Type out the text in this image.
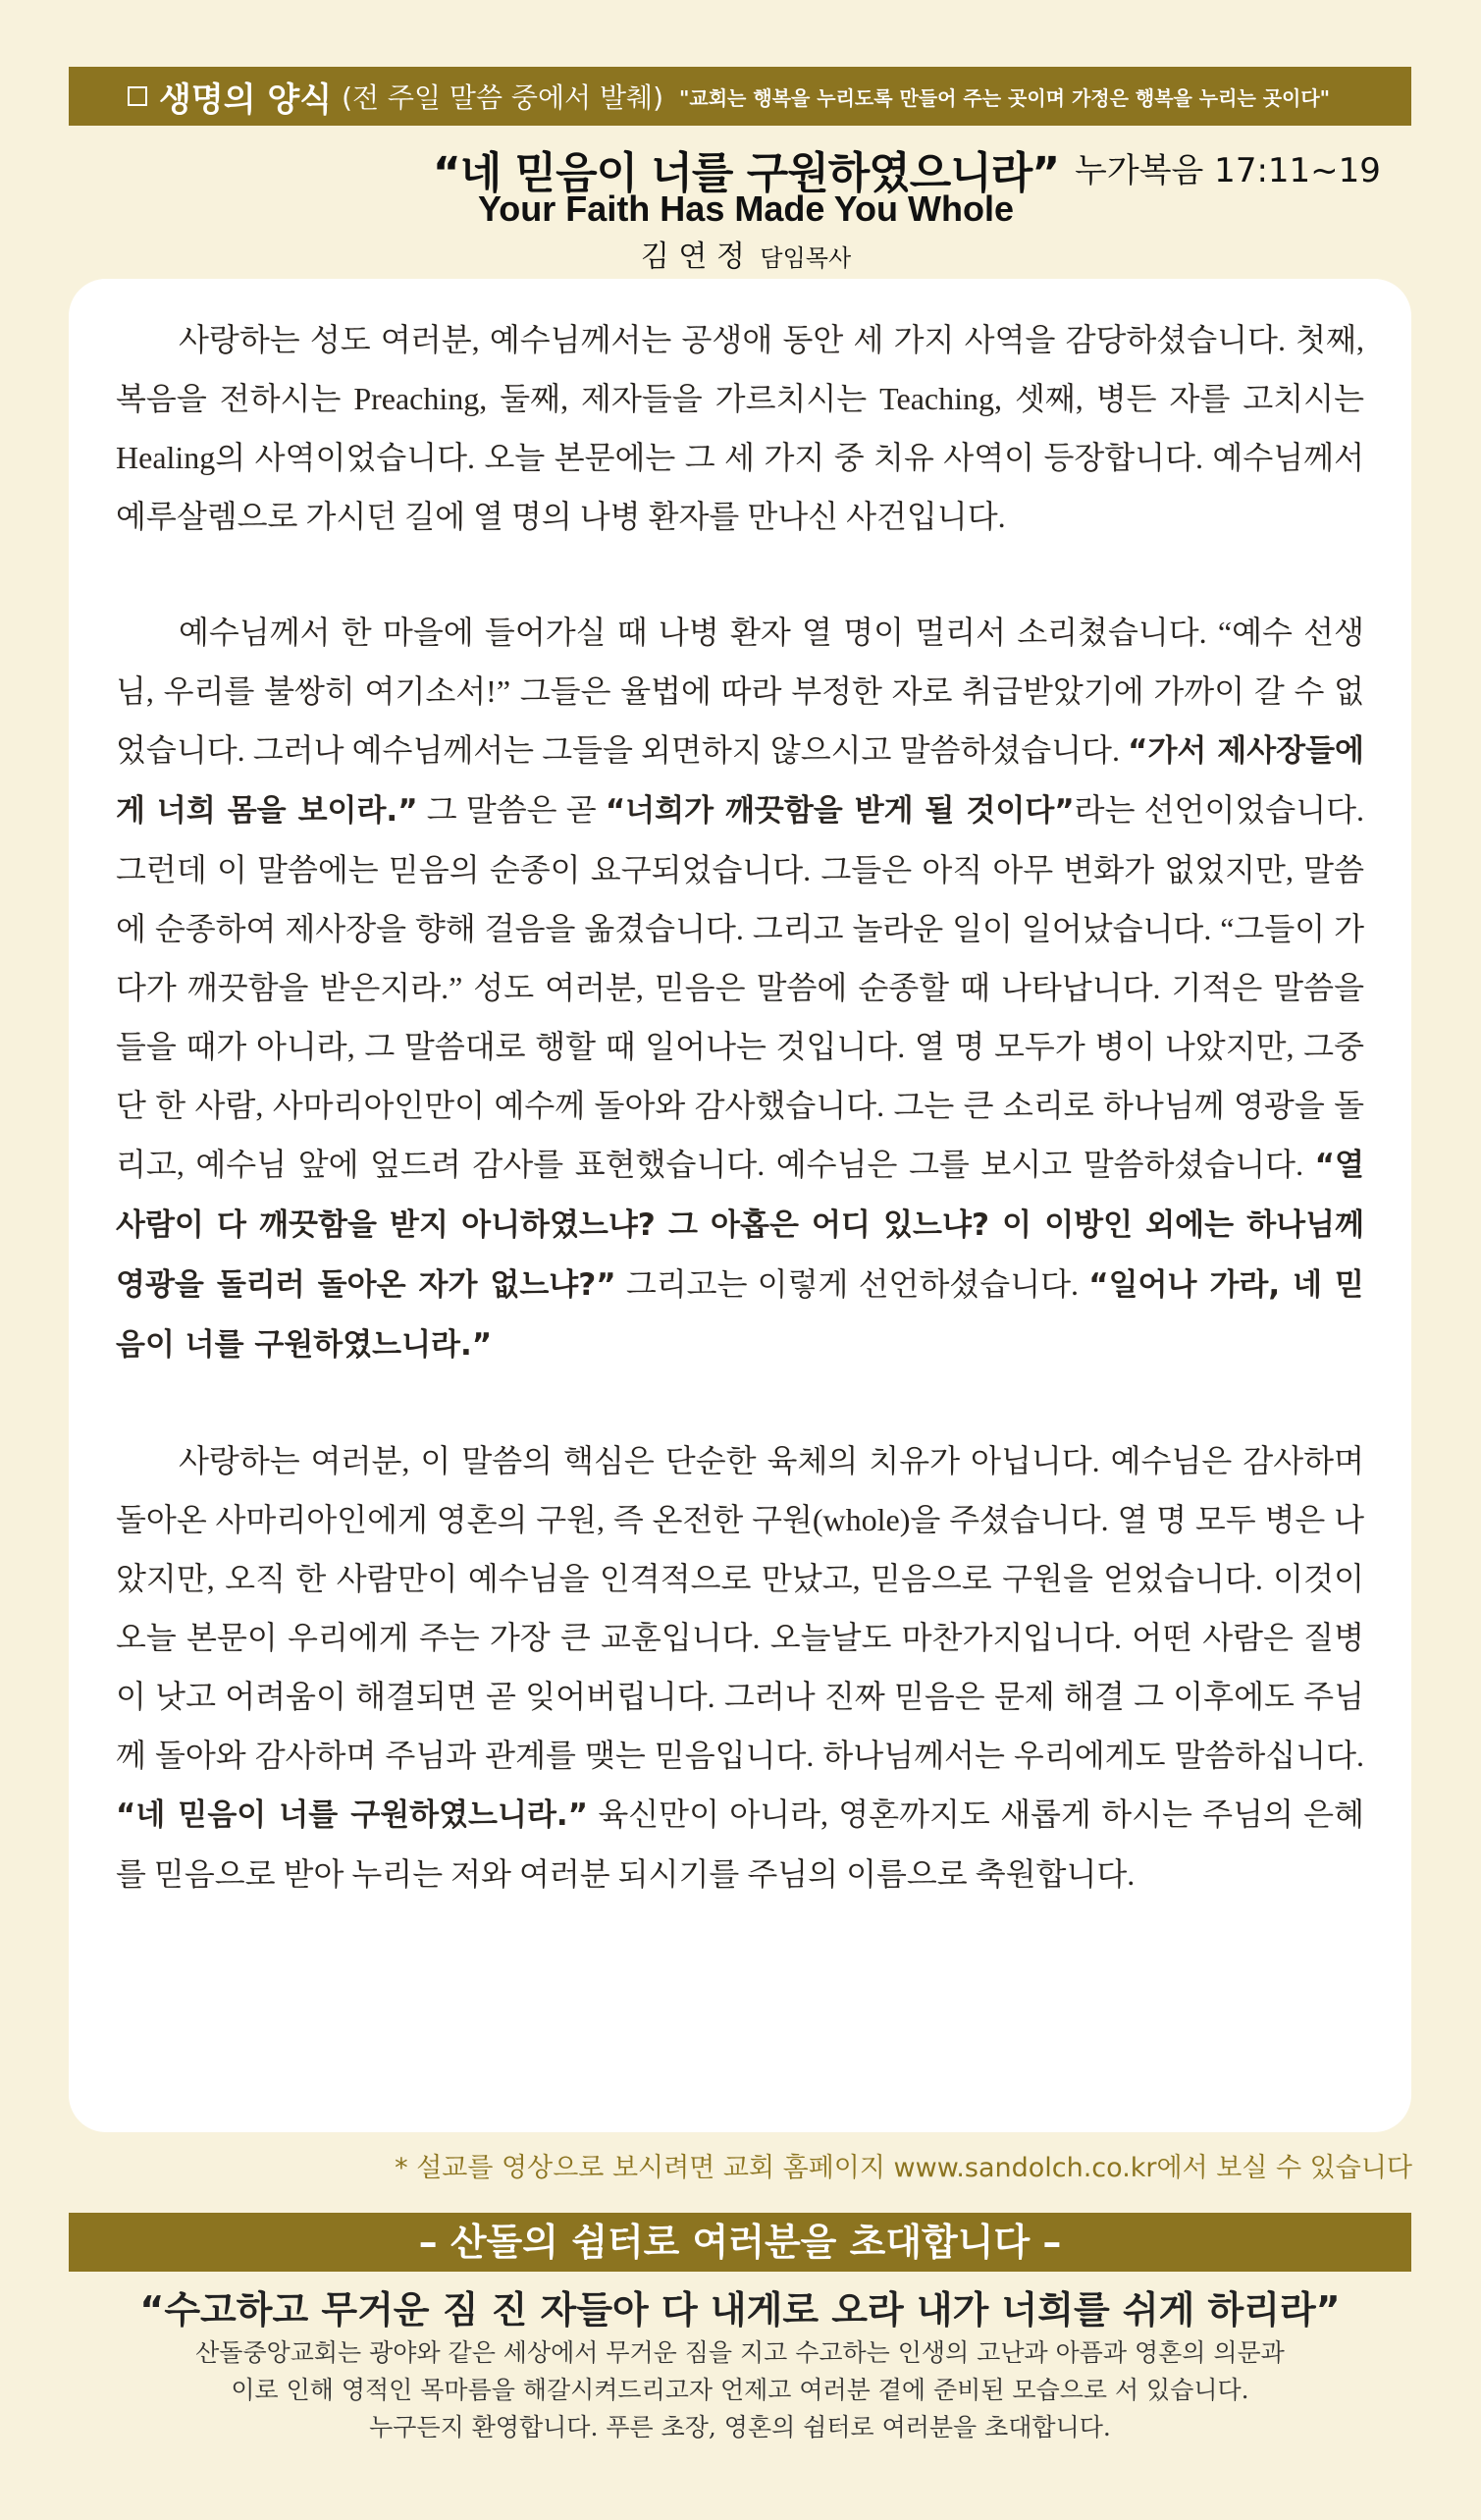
생명의 양식 (전 주일 말씀 중에서 발췌) "교회는 행복을 누리도록 만들어 주는 곳이며 가정은 행복을 누리는 곳이다"
“네 믿음이 너를 구원하였으니라” 누가복음 17:11~19
Your Faith Has Made You Whole
김 연 정 담임목사

사랑하는 성도 여러분, 예수님께서는 공생애 동안 세 가지 사역을 감당하셨습니다. 첫째, 복음을 전하시는 Preaching, 둘째, 제자들을 가르치시는 Teaching, 셋째, 병든 자를 고치시는 Healing의 사역이었습니다. 오늘 본문에는 그 세 가지 중 치유 사역이 등장합니다. 예수님께서 예루살렘으로 가시던 길에 열 명의 나병 환자를 만나신 사건입니다.

예수님께서 한 마을에 들어가실 때 나병 환자 열 명이 멀리서 소리쳤습니다. “예수 선생님, 우리를 불쌍히 여기소서!” 그들은 율법에 따라 부정한 자로 취급받았기에 가까이 갈 수 없었습니다. 그러나 예수님께서는 그들을 외면하지 않으시고 말씀하셨습니다. “가서 제사장들에게 너희 몸을 보이라.” 그 말씀은 곧 “너희가 깨끗함을 받게 될 것이다”라는 선언이었습니다. 그런데 이 말씀에는 믿음의 순종이 요구되었습니다. 그들은 아직 아무 변화가 없었지만, 말씀에 순종하여 제사장을 향해 걸음을 옮겼습니다. 그리고 놀라운 일이 일어났습니다. “그들이 가다가 깨끗함을 받은지라.” 성도 여러분, 믿음은 말씀에 순종할 때 나타납니다. 기적은 말씀을 들을 때가 아니라, 그 말씀대로 행할 때 일어나는 것입니다. 열 명 모두가 병이 나았지만, 그중 단 한 사람, 사마리아인만이 예수께 돌아와 감사했습니다. 그는 큰 소리로 하나님께 영광을 돌리고, 예수님 앞에 엎드려 감사를 표현했습니다. 예수님은 그를 보시고 말씀하셨습니다. “열 사람이 다 깨끗함을 받지 아니하였느냐? 그 아홉은 어디 있느냐? 이 이방인 외에는 하나님께 영광을 돌리러 돌아온 자가 없느냐?” 그리고는 이렇게 선언하셨습니다. “일어나 가라, 네 믿음이 너를 구원하였느니라.”

사랑하는 여러분, 이 말씀의 핵심은 단순한 육체의 치유가 아닙니다. 예수님은 감사하며 돌아온 사마리아인에게 영혼의 구원, 즉 온전한 구원(whole)을 주셨습니다. 열 명 모두 병은 나았지만, 오직 한 사람만이 예수님을 인격적으로 만났고, 믿음으로 구원을 얻었습니다. 이것이 오늘 본문이 우리에게 주는 가장 큰 교훈입니다. 오늘날도 마찬가지입니다. 어떤 사람은 질병이 낫고 어려움이 해결되면 곧 잊어버립니다. 그러나 진짜 믿음은 문제 해결 그 이후에도 주님께 돌아와 감사하며 주님과 관계를 맺는 믿음입니다. 하나님께서는 우리에게도 말씀하십니다. “네 믿음이 너를 구원하였느니라.” 육신만이 아니라, 영혼까지도 새롭게 하시는 주님의 은혜를 믿음으로 받아 누리는 저와 여러분 되시기를 주님의 이름으로 축원합니다.

* 설교를 영상으로 보시려면 교회 홈페이지 www.sandolch.co.kr에서 보실 수 있습니다
– 산돌의 쉼터로 여러분을 초대합니다 –
“수고하고 무거운 짐 진 자들아 다 내게로 오라 내가 너희를 쉬게 하리라”
산돌중앙교회는 광야와 같은 세상에서 무거운 짐을 지고 수고하는 인생의 고난과 아픔과 영혼의 의문과
이로 인해 영적인 목마름을 해갈시켜드리고자 언제고 여러분 곁에 준비된 모습으로 서 있습니다.
누구든지 환영합니다. 푸른 초장, 영혼의 쉼터로 여러분을 초대합니다.
